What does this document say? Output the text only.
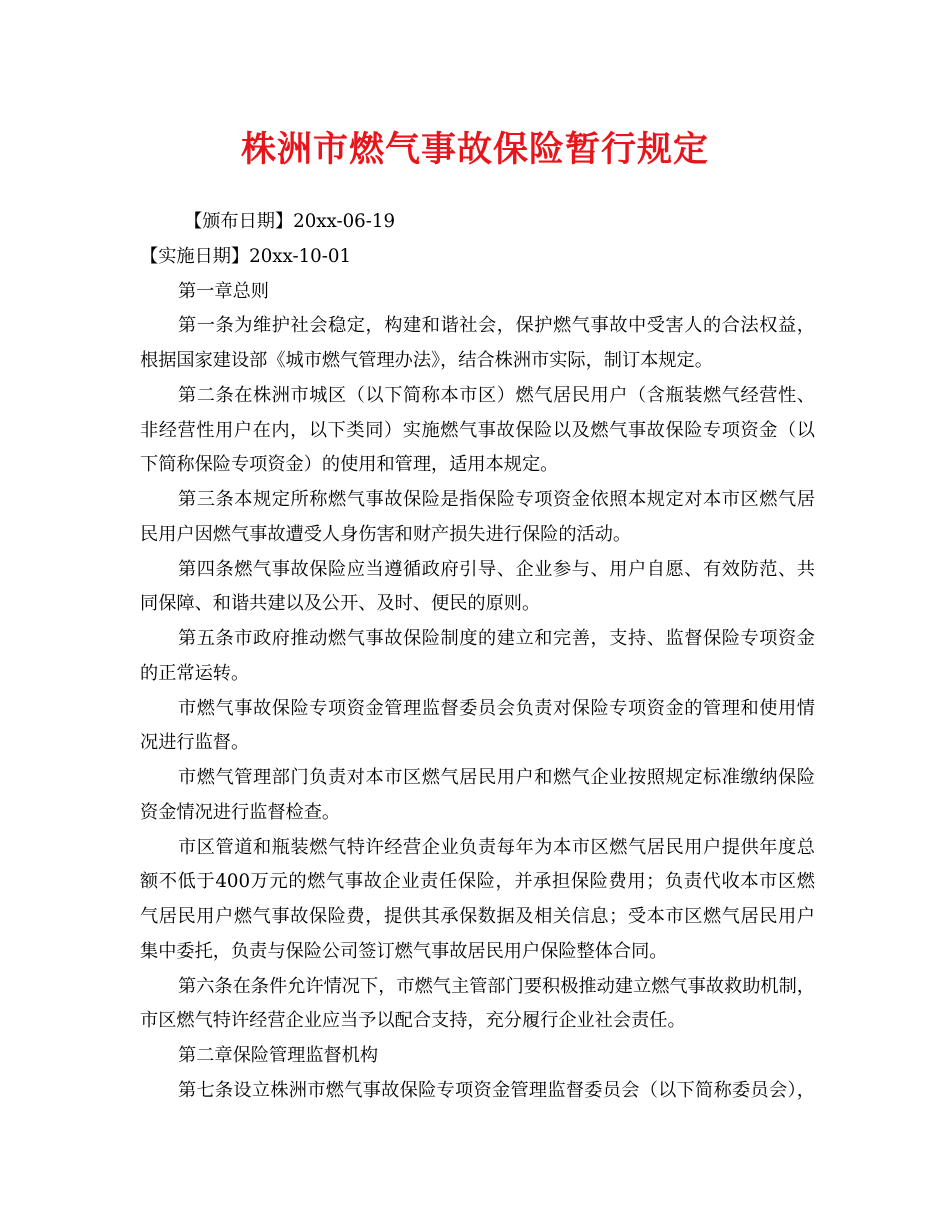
株洲市燃气事故保险暂行规定

【颁布日期】20xx-06-19

【实施日期】20xx-10-01

第一章总则

第一条为维护社会稳定，构建和谐社会，保护燃气事故中受害人的合法权益，

根据国家建设部《城市燃气管理办法》，结合株洲市实际，制订本规定。

第二条在株洲市城区（以下简称本市区）燃气居民用户（含瓶装燃气经营性、

非经营性用户在内，以下类同）实施燃气事故保险以及燃气事故保险专项资金（以

下简称保险专项资金）的使用和管理，适用本规定。

第三条本规定所称燃气事故保险是指保险专项资金依照本规定对本市区燃气居

民用户因燃气事故遭受人身伤害和财产损失进行保险的活动。

第四条燃气事故保险应当遵循政府引导、企业参与、用户自愿、有效防范、共

同保障、和谐共建以及公开、及时、便民的原则。

第五条市政府推动燃气事故保险制度的建立和完善，支持、监督保险专项资金

的正常运转。

市燃气事故保险专项资金管理监督委员会负责对保险专项资金的管理和使用情

况进行监督。

市燃气管理部门负责对本市区燃气居民用户和燃气企业按照规定标准缴纳保险

资金情况进行监督检查。

市区管道和瓶装燃气特许经营企业负责每年为本市区燃气居民用户提供年度总

额不低于400万元的燃气事故企业责任保险，并承担保险费用；负责代收本市区燃

气居民用户燃气事故保险费，提供其承保数据及相关信息；受本市区燃气居民用户

集中委托，负责与保险公司签订燃气事故居民用户保险整体合同。

第六条在条件允许情况下，市燃气主管部门要积极推动建立燃气事故救助机制，

市区燃气特许经营企业应当予以配合支持，充分履行企业社会责任。

第二章保险管理监督机构

第七条设立株洲市燃气事故保险专项资金管理监督委员会（以下简称委员会），
